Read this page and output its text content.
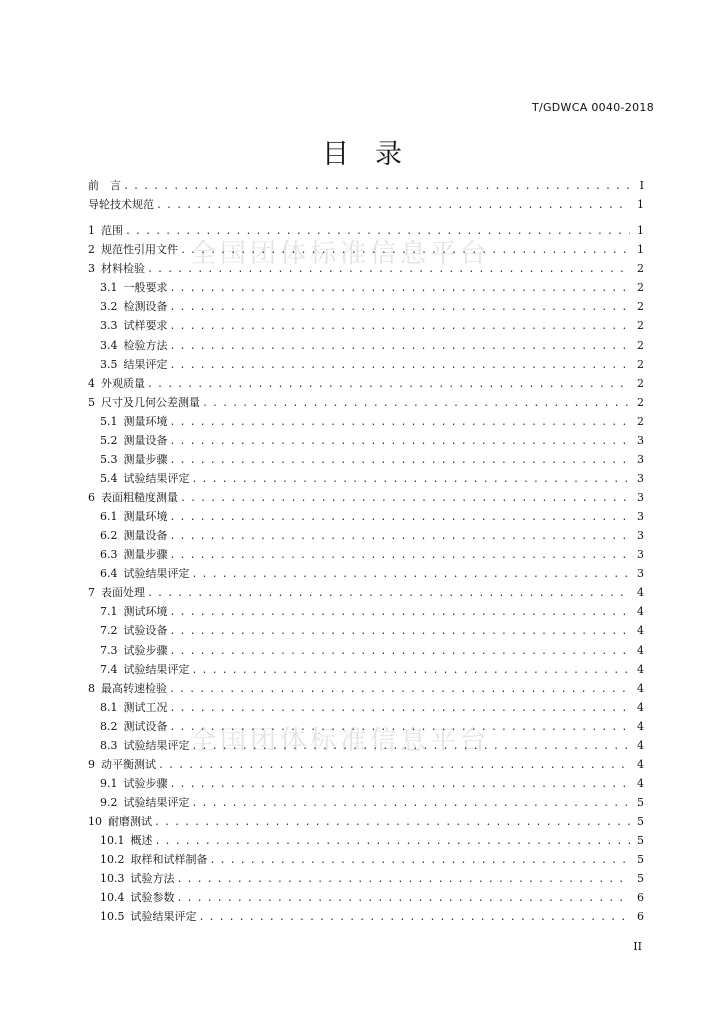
T/GDWCA 0040-2018
目录
全国团体标准信息平台
全国团体标准信息平台
前　言 . . .	I
导轮技术规范 . . .	1
1 范围 . . .	1
2 规范性引用文件 . . .	1
3 材料检验 . . .	2
3.1 一般要求 . . .	2
3.2 检测设备 . . .	2
3.3 试样要求 . . .	2
3.4 检验方法 . . .	2
3.5 结果评定 . . .	2
4 外观质量 . . .	2
5 尺寸及几何公差测量 . . .	2
5.1 测量环境 . . .	2
5.2 测量设备 . . .	3
5.3 测量步骤 . . .	3
5.4 试验结果评定 . . .	3
6 表面粗糙度测量 . . .	3
6.1 测量环境 . . .	3
6.2 测量设备 . . .	3
6.3 测量步骤 . . .	3
6.4 试验结果评定 . . .	3
7 表面处理 . . .	4
7.1 测试环境 . . .	4
7.2 试验设备 . . .	4
7.3 试验步骤 . . .	4
7.4 试验结果评定 . . .	4
8 最高转速检验 . . .	4
8.1 测试工况 . . .	4
8.2 测试设备 . . .	4
8.3 试验结果评定 . . .	4
9 动平衡测试 . . .	4
9.1 试验步骤 . . .	4
9.2 试验结果评定 . . .	5
10 耐磨测试 . . .	5
10.1 概述 . . .	5
10.2 取样和试样制备 . . .	5
10.3 试验方法 . . .	5
10.4 试验参数 . . .	6
10.5 试验结果评定 . . .	6
II
